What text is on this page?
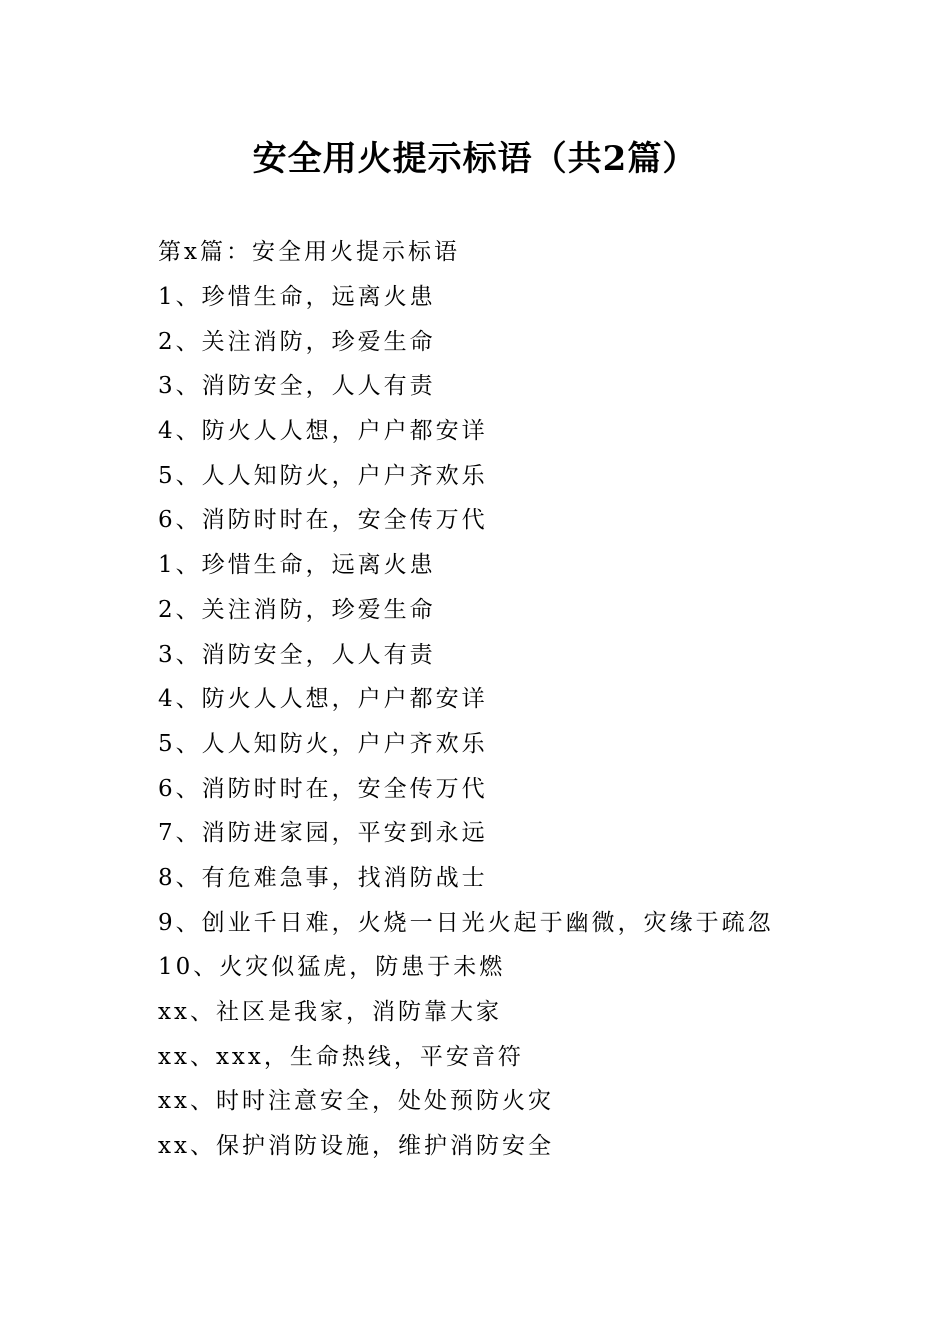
安全用火提示标语（共2篇）

第x篇：安全用火提示标语

1、珍惜生命，远离火患
2、关注消防，珍爱生命
3、消防安全，人人有责
4、防火人人想，户户都安详
5、人人知防火，户户齐欢乐
6、消防时时在，安全传万代
1、珍惜生命，远离火患
2、关注消防，珍爱生命
3、消防安全，人人有责
4、防火人人想，户户都安详
5、人人知防火，户户齐欢乐
6、消防时时在，安全传万代
7、消防进家园，平安到永远
8、有危难急事，找消防战士
9、创业千日难，火烧一日光火起于幽微，灾缘于疏忽
10、火灾似猛虎，防患于未燃
xx、社区是我家，消防靠大家
xx、xxx，生命热线，平安音符
xx、时时注意安全，处处预防火灾
xx、保护消防设施，维护消防安全
